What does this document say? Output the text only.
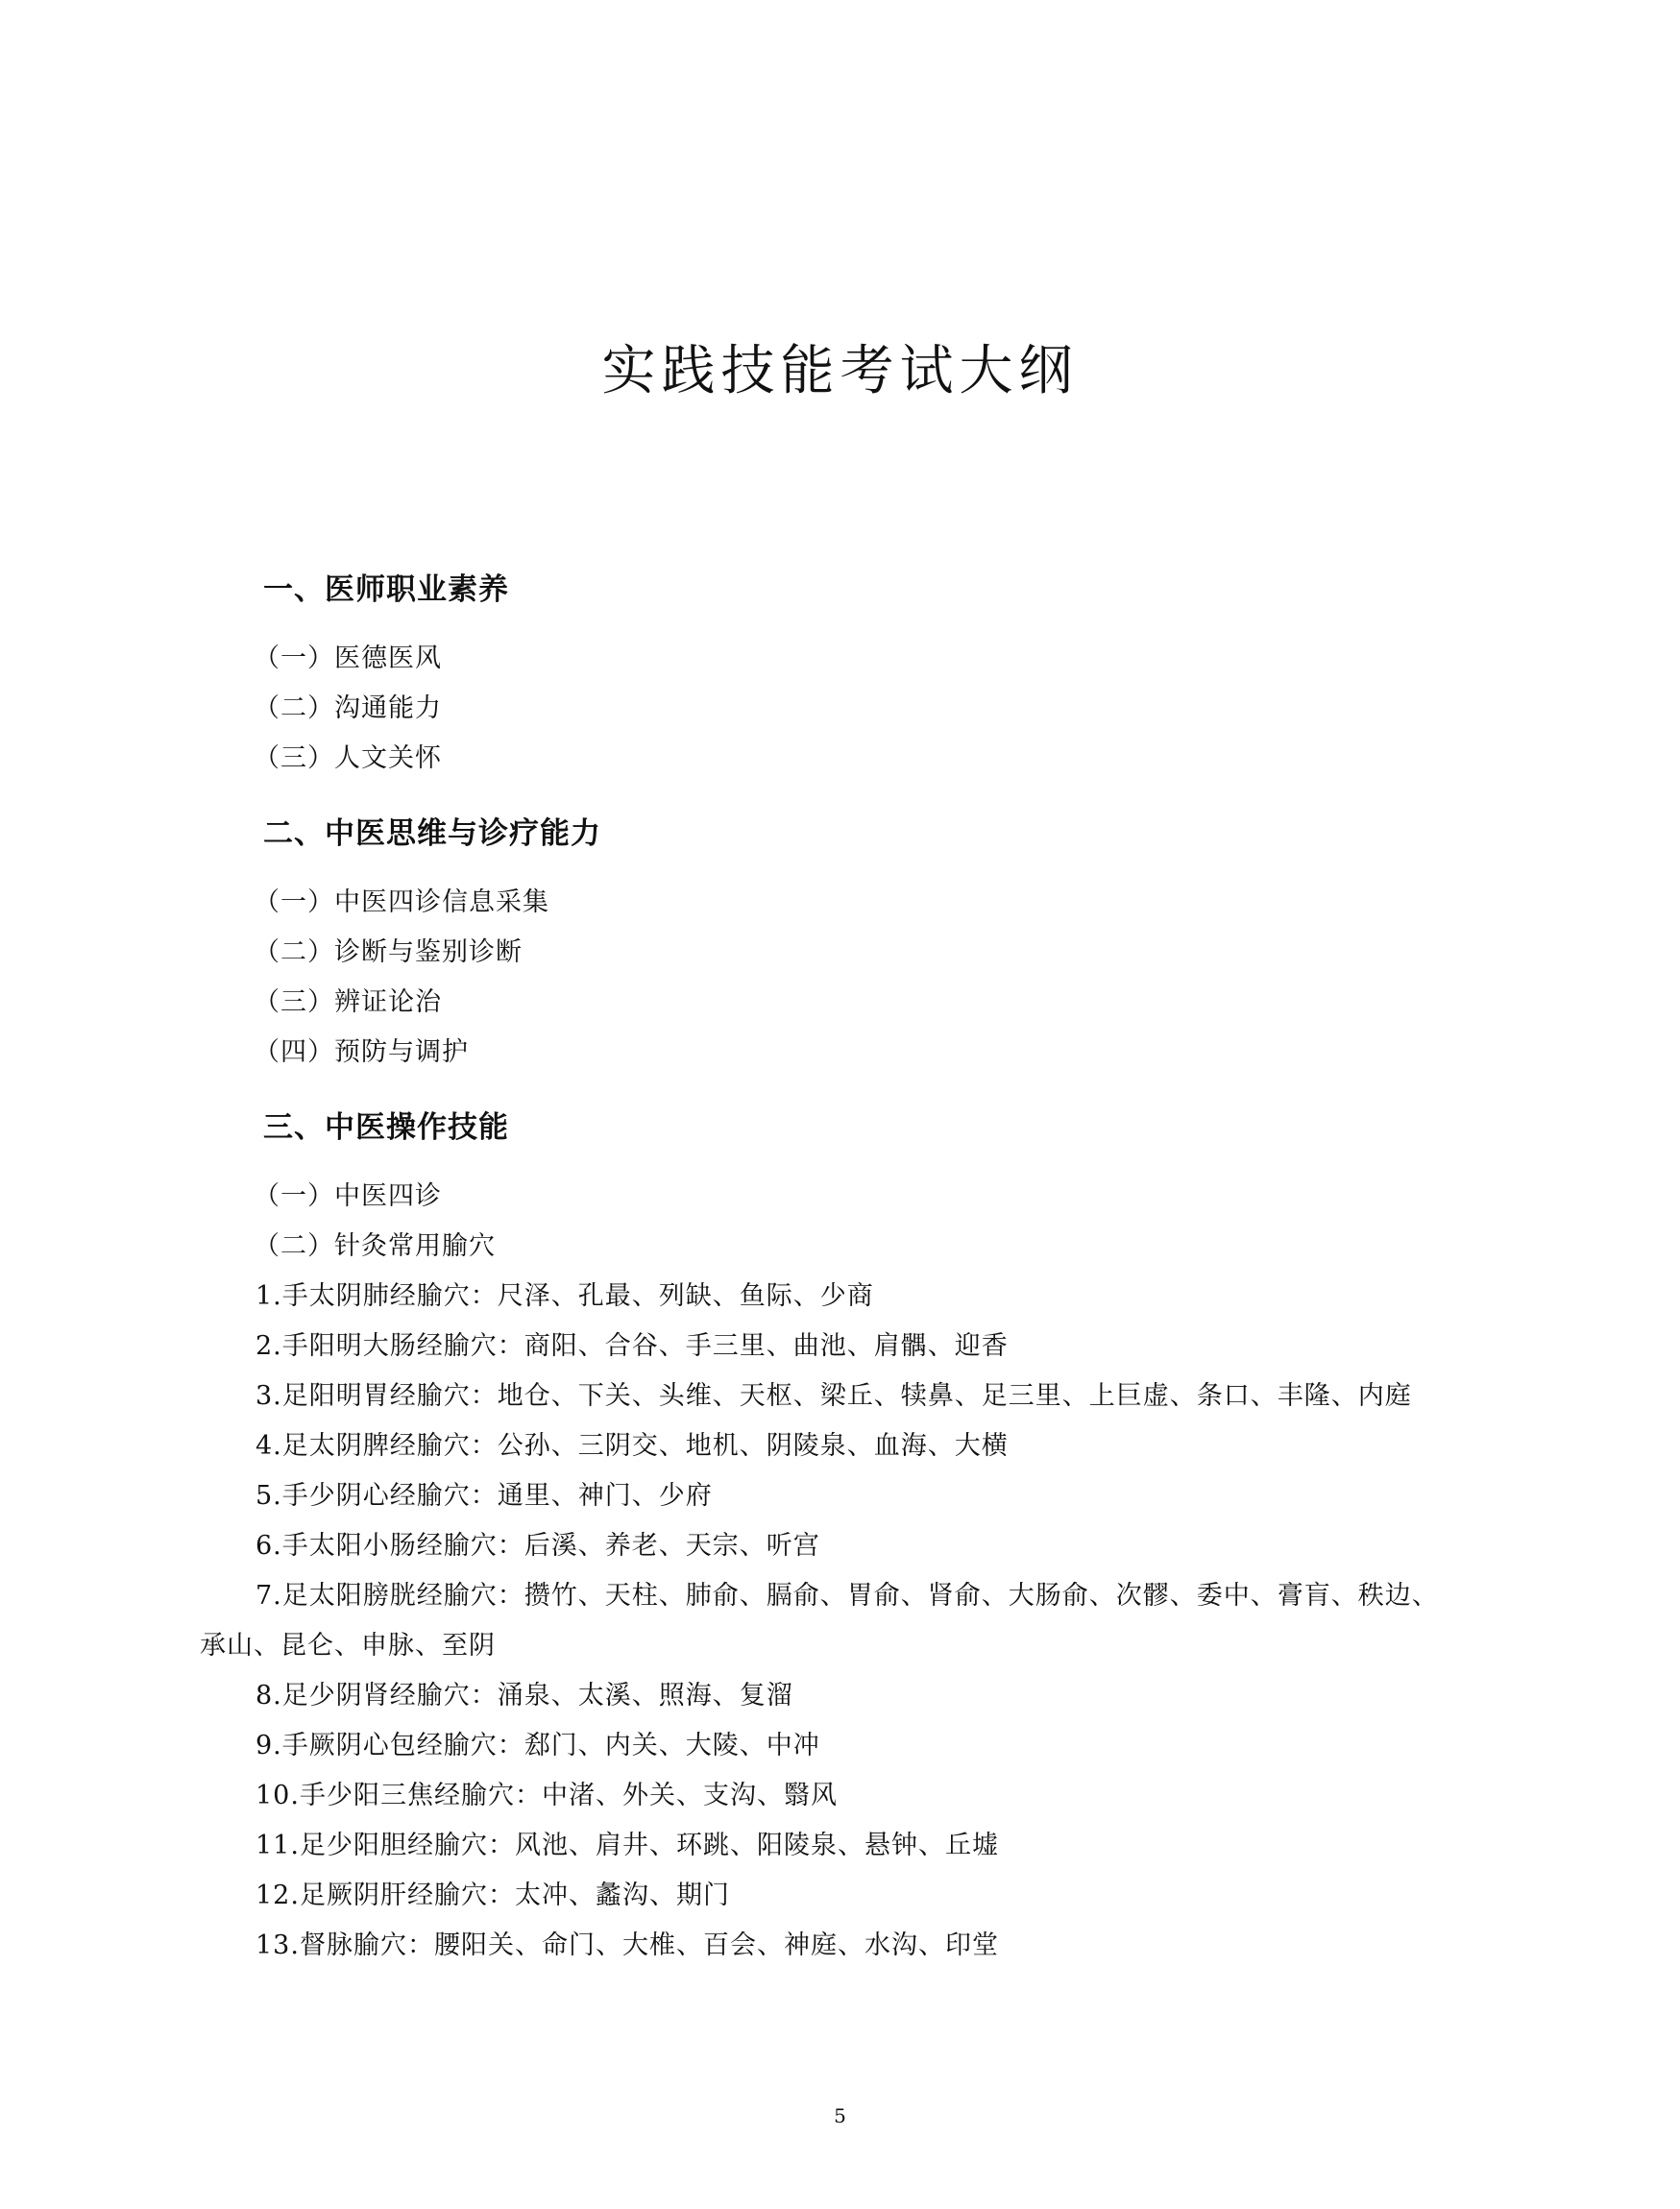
实践技能考试大纲
一、医师职业素养
（一）医德医风
（二）沟通能力
（三）人文关怀
二、中医思维与诊疗能力
（一）中医四诊信息采集
（二）诊断与鉴别诊断
（三）辨证论治
（四）预防与调护
三、中医操作技能
（一）中医四诊
（二）针灸常用腧穴
1.手太阴肺经腧穴：尺泽、孔最、列缺、鱼际、少商
2.手阳明大肠经腧穴：商阳、合谷、手三里、曲池、肩髃、迎香
3.足阳明胃经腧穴：地仓、下关、头维、天枢、梁丘、犊鼻、足三里、上巨虚、条口、丰隆、内庭
4.足太阴脾经腧穴：公孙、三阴交、地机、阴陵泉、血海、大横
5.手少阴心经腧穴：通里、神门、少府
6.手太阳小肠经腧穴：后溪、养老、天宗、听宫
7.足太阳膀胱经腧穴：攒竹、天柱、肺俞、膈俞、胃俞、肾俞、大肠俞、次髎、委中、膏肓、秩边、
承山、昆仑、申脉、至阴
8.足少阴肾经腧穴：涌泉、太溪、照海、复溜
9.手厥阴心包经腧穴：郄门、内关、大陵、中冲
10.手少阳三焦经腧穴：中渚、外关、支沟、翳风
11.足少阳胆经腧穴：风池、肩井、环跳、阳陵泉、悬钟、丘墟
12.足厥阴肝经腧穴：太冲、蠡沟、期门
13.督脉腧穴：腰阳关、命门、大椎、百会、神庭、水沟、印堂
5
